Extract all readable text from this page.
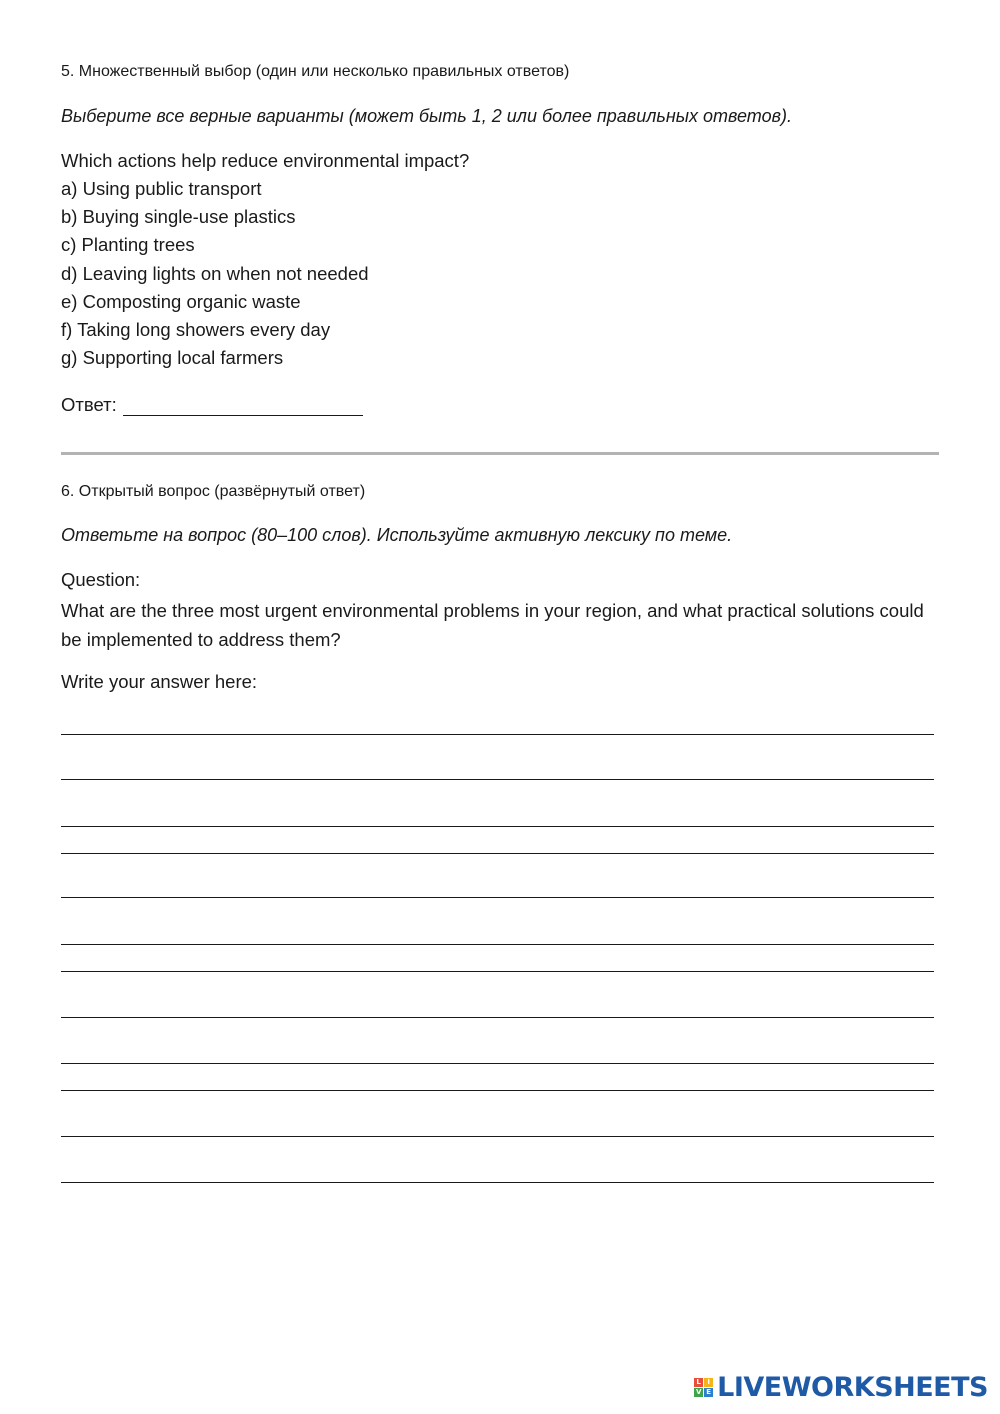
5. Множественный выбор (один или несколько правильных ответов)
Выберите все верные варианты (может быть 1, 2 или более правильных ответов).
Which actions help reduce environmental impact?
a) Using public transport
b) Buying single-use plastics
c) Planting trees
d) Leaving lights on when not needed
e) Composting organic waste
f) Taking long showers every day
g) Supporting local farmers
Ответ:
6. Открытый вопрос (развёрнутый ответ)
Ответьте на вопрос (80–100 слов). Используйте активную лексику по теме.
Question:
What are the three most urgent environmental problems in your region, and what practical solutions could be implemented to address them?
Write your answer here:
L I
V E LIVEWORKSHEETS
